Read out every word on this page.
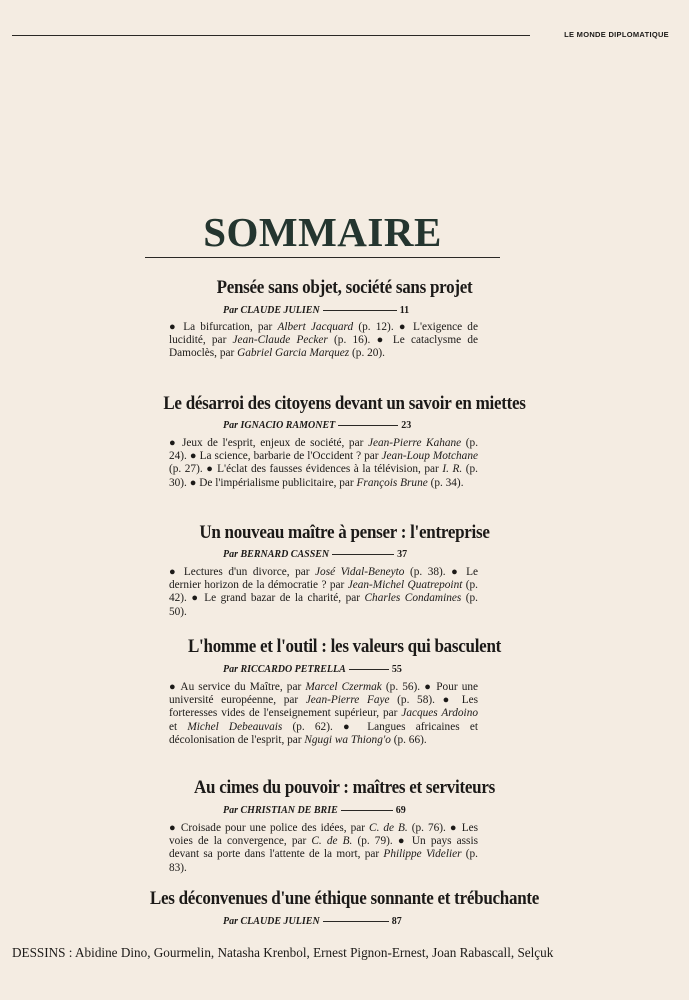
LE MONDE DIPLOMATIQUE
SOMMAIRE
Pensée sans objet, société sans projet
Par CLAUDE JULIEN	11
● La bifurcation, par Albert Jacquard (p. 12). ● L'exigence de lucidité, par Jean-Claude Pecker (p. 16). ● Le cataclysme de Damoclès, par Gabriel Garcia Marquez (p. 20).
Le désarroi des citoyens devant un savoir en miettes
Par IGNACIO RAMONET	23
● Jeux de l'esprit, enjeux de société, par Jean-Pierre Kahane (p. 24). ● La science, barbarie de l'Occident ? par Jean-Loup Motchane (p. 27). ● L'éclat des fausses évidences à la télévision, par I. R. (p. 30). ● De l'impérialisme publicitaire, par François Brune (p. 34).
Un nouveau maître à penser : l'entreprise
Par BERNARD CASSEN	37
● Lectures d'un divorce, par José Vidal-Beneyto (p. 38). ● Le dernier horizon de la démocratie ? par Jean-Michel Quatrepoint (p. 42). ● Le grand bazar de la charité, par Charles Condamines (p. 50).
L'homme et l'outil : les valeurs qui basculent
Par RICCARDO PETRELLA	55
● Au service du Maître, par Marcel Czermak (p. 56). ● Pour une université européenne, par Jean-Pierre Faye (p. 58). ● Les forteresses vides de l'enseignement supérieur, par Jacques Ardoino et Michel Debeauvais (p. 62). ● Langues africaines et décolonisation de l'esprit, par Ngugi wa Thiong'o (p. 66).
Au cimes du pouvoir : maîtres et serviteurs
Par CHRISTIAN DE BRIE	69
● Croisade pour une police des idées, par C. de B. (p. 76). ● Les voies de la convergence, par C. de B. (p. 79). ● Un pays assis devant sa porte dans l'attente de la mort, par Philippe Videlier (p. 83).
Les déconvenues d'une éthique sonnante et trébuchante
Par CLAUDE JULIEN	87
DESSINS : Abidine Dino, Gourmelin, Natasha Krenbol, Ernest Pignon-Ernest, Joan Rabascall, Selçuk
